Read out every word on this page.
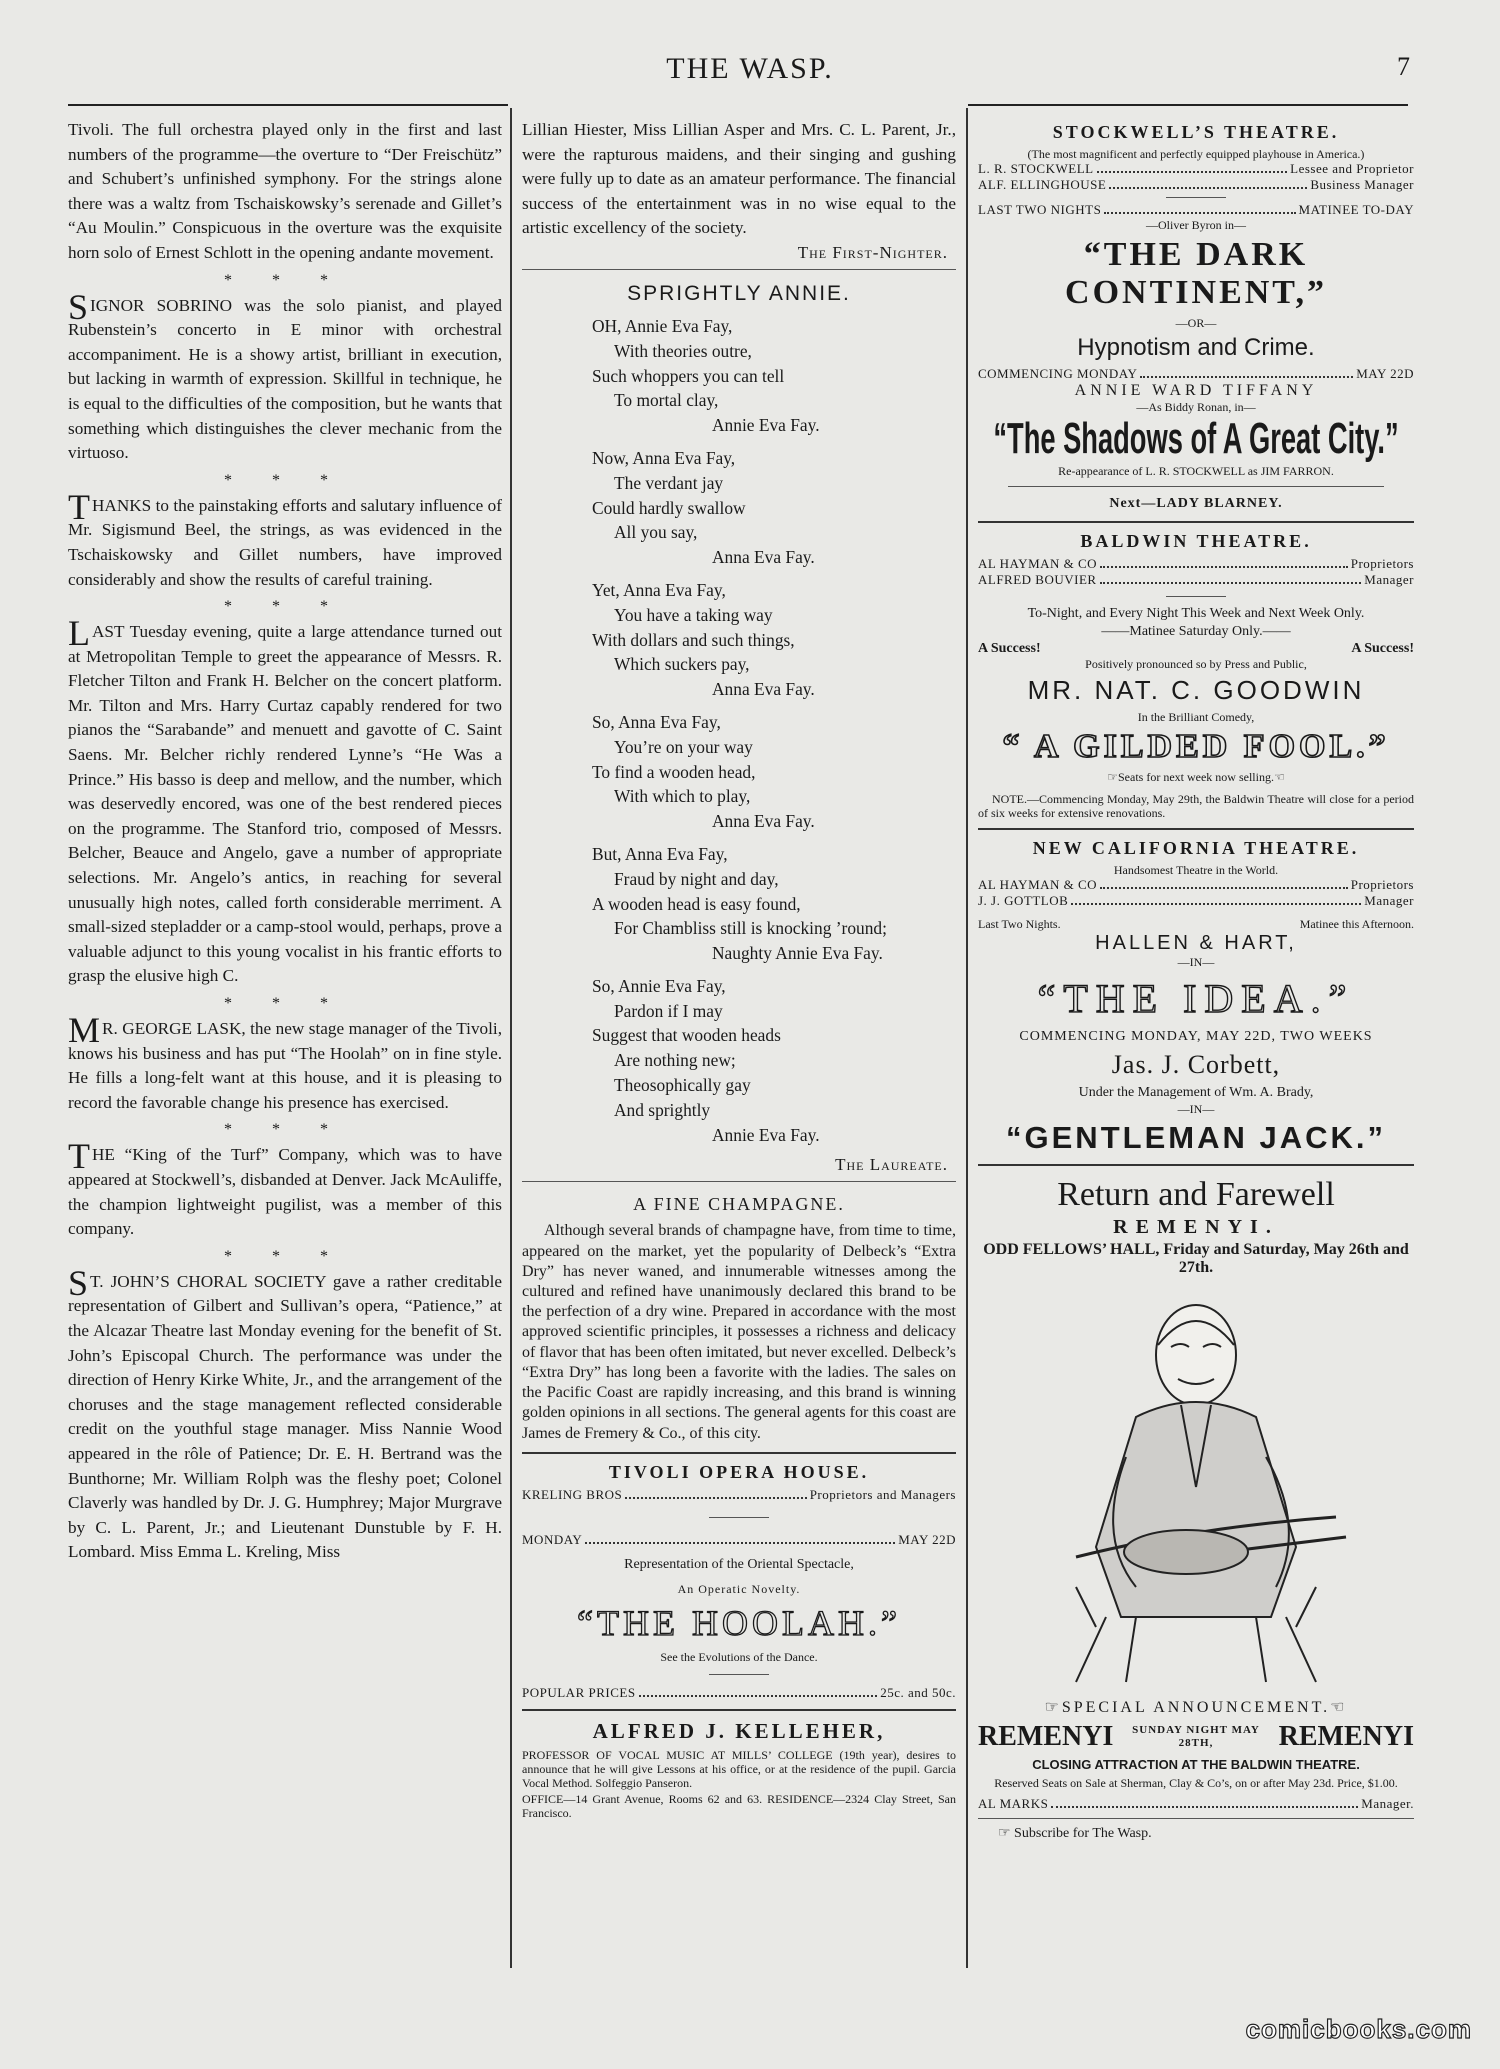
THE WASP.	7

Tivoli. The full orchestra played only in the first and last numbers of the programme—the overture to “Der Freischütz” and Schubert’s unfinished symphony. For the strings alone there was a waltz from Tschaiskowsky’s serenade and Gillet’s “Au Moulin.” Conspicuous in the overture was the exquisite horn solo of Ernest Schlott in the opening andante movement.

* * *

SIGNOR SOBRINO was the solo pianist, and played Rubenstein’s concerto in E minor with orchestral accompaniment. He is a showy artist, brilliant in execution, but lacking in warmth of expression. Skillful in technique, he is equal to the difficulties of the composition, but he wants that something which distinguishes the clever mechanic from the virtuoso.

* * *

THANKS to the painstaking efforts and salutary influence of Mr. Sigismund Beel, the strings, as was evidenced in the Tschaiskowsky and Gillet numbers, have improved considerably and show the results of careful training.

* * *

LAST Tuesday evening, quite a large attendance turned out at Metropolitan Temple to greet the appearance of Messrs. R. Fletcher Tilton and Frank H. Belcher on the concert platform. Mr. Tilton and Mrs. Harry Curtaz capably rendered for two pianos the “Sarabande” and menuett and gavotte of C. Saint Saens. Mr. Belcher richly rendered Lynne’s “He Was a Prince.” His basso is deep and mellow, and the number, which was deservedly encored, was one of the best rendered pieces on the programme. The Stanford trio, composed of Messrs. Belcher, Beauce and Angelo, gave a number of appropriate selections. Mr. Angelo’s antics, in reaching for several unusually high notes, called forth considerable merriment. A small-sized stepladder or a camp-stool would, perhaps, prove a valuable adjunct to this young vocalist in his frantic efforts to grasp the elusive high C.

* * *

M R. GEORGE LASK, the new stage manager of the Tivoli, knows his business and has put “The Hoolah” on in fine style. He fills a long-felt want at this house, and it is pleasing to record the favorable change his presence has exercised.

* * *

THE “King of the Turf” Company, which was to have appeared at Stockwell’s, disbanded at Denver. Jack McAuliffe, the champion lightweight pugilist, was a member of this company.

* * *

S T. JOHN’S CHORAL SOCIETY gave a rather creditable representation of Gilbert and Sullivan’s opera, “Patience,” at the Alcazar Theatre last Monday evening for the benefit of St. John’s Episcopal Church. The performance was under the direction of Henry Kirke White, Jr., and the arrangement of the choruses and the stage management reflected considerable credit on the youthful stage manager. Miss Nannie Wood appeared in the rôle of Patience; Dr. E. H. Bertrand was the Bunthorne; Mr. William Rolph was the fleshy poet; Colonel Claverly was handled by Dr. J. G. Humphrey; Major Murgrave by C. L. Parent, Jr.; and Lieutenant Dunstuble by F. H. Lombard. Miss Emma L. Kreling, Miss

Lillian Hiester, Miss Lillian Asper and Mrs. C. L. Parent, Jr., were the rapturous maidens, and their singing and gushing were fully up to date as an amateur performance. The financial success of the entertainment was in no wise equal to the artistic excellency of the society.

The First-Nighter.
SPRIGHTLY ANNIE.
OH, Annie Eva Fay,
With theories outre,
Such whoppers you can tell
To mortal clay,
Annie Eva Fay.
Now, Anna Eva Fay,
The verdant jay
Could hardly swallow
All you say,
Anna Eva Fay.
Yet, Anna Eva Fay,
You have a taking way
With dollars and such things,
Which suckers pay,
Anna Eva Fay.
So, Anna Eva Fay,
You’re on your way
To find a wooden head,
With which to play,
Anna Eva Fay.
But, Anna Eva Fay,
Fraud by night and day,
A wooden head is easy found,
For Chambliss still is knocking ’round;
Naughty Annie Eva Fay.
So, Annie Eva Fay,
Pardon if I may
Suggest that wooden heads
Are nothing new;
Theosophically gay
And sprightly
Annie Eva Fay.
The Laureate.
A FINE CHAMPAGNE.

Although several brands of champagne have, from time to time, appeared on the market, yet the popularity of Delbeck’s “Extra Dry” has never waned, and innumerable witnesses among the cultured and refined have unanimously declared this brand to be the perfection of a dry wine. Prepared in accordance with the most approved scientific principles, it possesses a richness and delicacy of flavor that has been often imitated, but never excelled. Delbeck’s “Extra Dry” has long been a favorite with the ladies. The sales on the Pacific Coast are rapidly increasing, and this brand is winning golden opinions in all sections. The general agents for this coast are James de Fremery & Co., of this city.

TIVOLI OPERA HOUSE.
KRELING BROS	Proprietors and Managers
MONDAY	MAY 22D
Representation of the Oriental Spectacle,
An Operatic Novelty.
“THE HOOLAH.”
See the Evolutions of the Dance.
POPULAR PRICES	25c. and 50c.
ALFRED J. KELLEHER,
PROFESSOR OF VOCAL MUSIC AT MILLS’ COLLEGE (19th year), desires to announce that he will give Lessons at his office, or at the residence of the pupil. Garcia Vocal Method. Solfeggio Panseron.
OFFICE—14 Grant Avenue, Rooms 62 and 63. RESIDENCE—2324 Clay Street, San Francisco.
STOCKWELL’S THEATRE.
(The most magnificent and perfectly equipped playhouse in America.)
L. R. STOCKWELL	Lessee and Proprietor
ALF. ELLINGHOUSE	Business Manager
LAST TWO NIGHTS	MATINEE TO-DAY
—Oliver Byron in—
“THE DARK CONTINENT,”
—OR—
Hypnotism and Crime.
COMMENCING MONDAY	MAY 22D
ANNIE WARD TIFFANY
—As Biddy Ronan, in—
“The Shadows of A Great City.”
Re-appearance of L. R. STOCKWELL as JIM FARRON.
Next—LADY BLARNEY.
BALDWIN THEATRE.
AL HAYMAN & CO	Proprietors
ALFRED BOUVIER	Manager
To-Night, and Every Night This Week and Next Week Only.
——Matinee Saturday Only.——
A Success!	A Success!
Positively pronounced so by Press and Public,
MR. NAT. C. GOODWIN
In the Brilliant Comedy,
“ A GILDED FOOL.”
☞Seats for next week now selling.☜
NOTE.—Commencing Monday, May 29th, the Baldwin Theatre will close for a period of six weeks for extensive renovations.
NEW CALIFORNIA THEATRE.
Handsomest Theatre in the World.
AL HAYMAN & CO	Proprietors
J. J. GOTTLOB	Manager
Last Two Nights.	Matinee this Afternoon.
HALLEN & HART,
—IN—
“THE IDEA.”
COMMENCING MONDAY, MAY 22D, TWO WEEKS
Jas. J. Corbett,
Under the Management of Wm. A. Brady,
—IN—
“GENTLEMAN JACK.”
Return and Farewell
REMENYI.
ODD FELLOWS’ HALL, Friday and Saturday, May 26th and 27th.
☞SPECIAL ANNOUNCEMENT.☜
REMENYI	SUNDAY NIGHT MAY 28TH,	REMENYI
CLOSING ATTRACTION AT THE BALDWIN THEATRE.
Reserved Seats on Sale at Sherman, Clay & Co’s, on or after May 23d. Price, $1.00.
AL MARKS	Manager.
☞ Subscribe for The Wasp.
comicbooks.com
